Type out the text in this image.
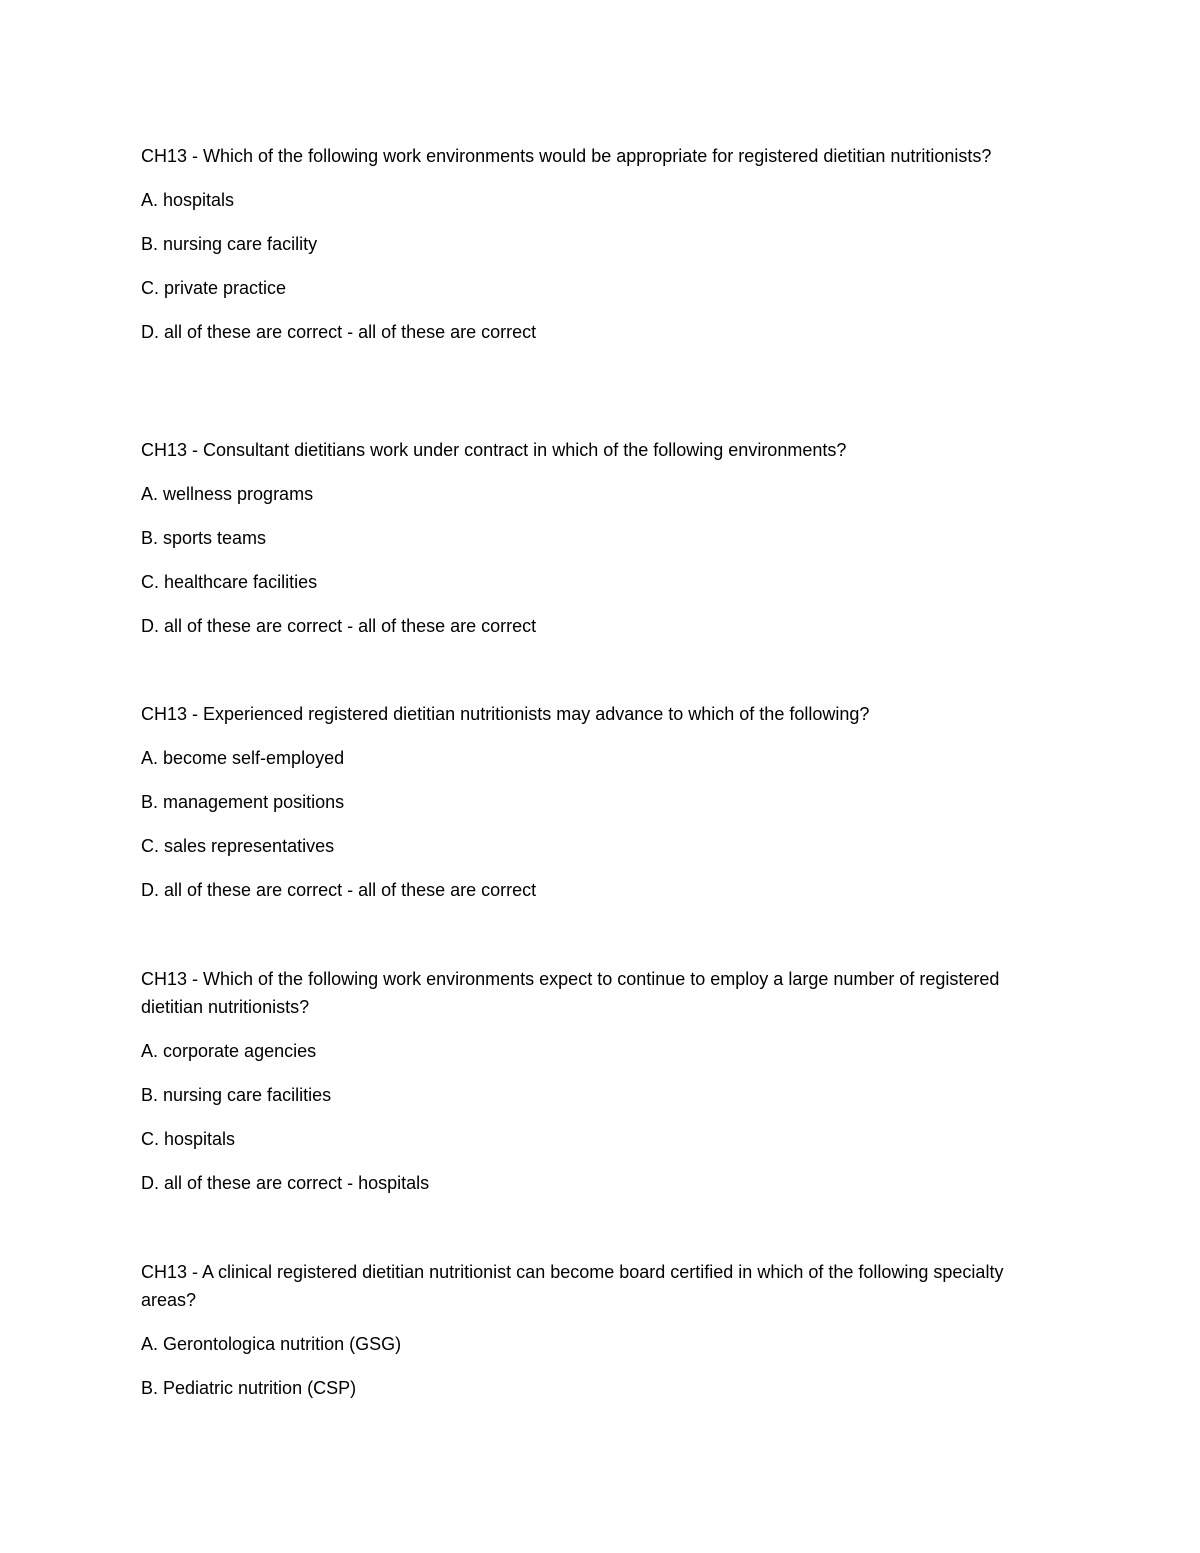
CH13 - Which of the following work environments would be appropriate for registered dietitian nutritionists?

A. hospitals
B. nursing care facility
C. private practice
D. all of these are correct - all of these are correct

CH13 - Consultant dietitians work under contract in which of the following environments?

A. wellness programs
B. sports teams
C. healthcare facilities
D. all of these are correct - all of these are correct

CH13 - Experienced registered dietitian nutritionists may advance to which of the following?

A. become self-employed
B. management positions
C. sales representatives
D. all of these are correct - all of these are correct

CH13 - Which of the following work environments expect to continue to employ a large number of registered dietitian nutritionists?

A. corporate agencies
B. nursing care facilities
C. hospitals
D. all of these are correct - hospitals

CH13 - A clinical registered dietitian nutritionist can become board certified in which of the following specialty areas?

A. Gerontologica nutrition (GSG)
B. Pediatric nutrition (CSP)
